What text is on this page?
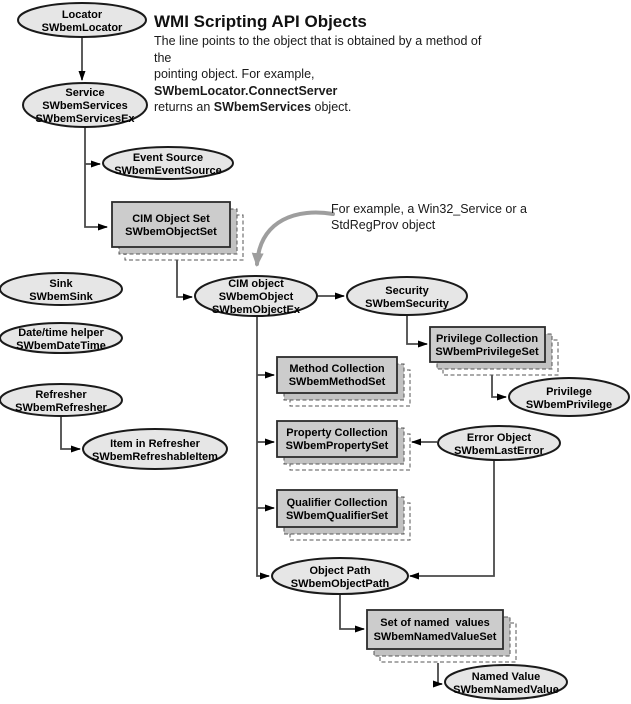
Locator
SWbemLocator
Service
SWbemServices
SWbemServicesEx
Event Source
SWbemEventSource
Sink
SWbemSink
Date/time helper
SWbemDateTime
Refresher
SWbemRefresher
Item in Refresher
SWbemRefreshableItem
CIM object
SWbemObject
SWbemObjectEx
Security
SWbemSecurity
Privilege
SWbemPrivilege
Error Object
SWbemLastError
Object Path
SWbemObjectPath
Named Value
SWbemNamedValue
CIM Object Set
SWbemObjectSet
Privilege Collection
SWbemPrivilegeSet
Method Collection
SWbemMethodSet
Property Collection
SWbemPropertySet
Qualifier Collection
SWbemQualifierSet
Set of named  values
SWbemNamedValueSet
WMI Scripting API Objects
The line points to the object that is obtained by a method of the
pointing object. For example, SWbemLocator.ConnectServer
returns an SWbemServices object.
For example, a Win32_Service or a
StdRegProv object
